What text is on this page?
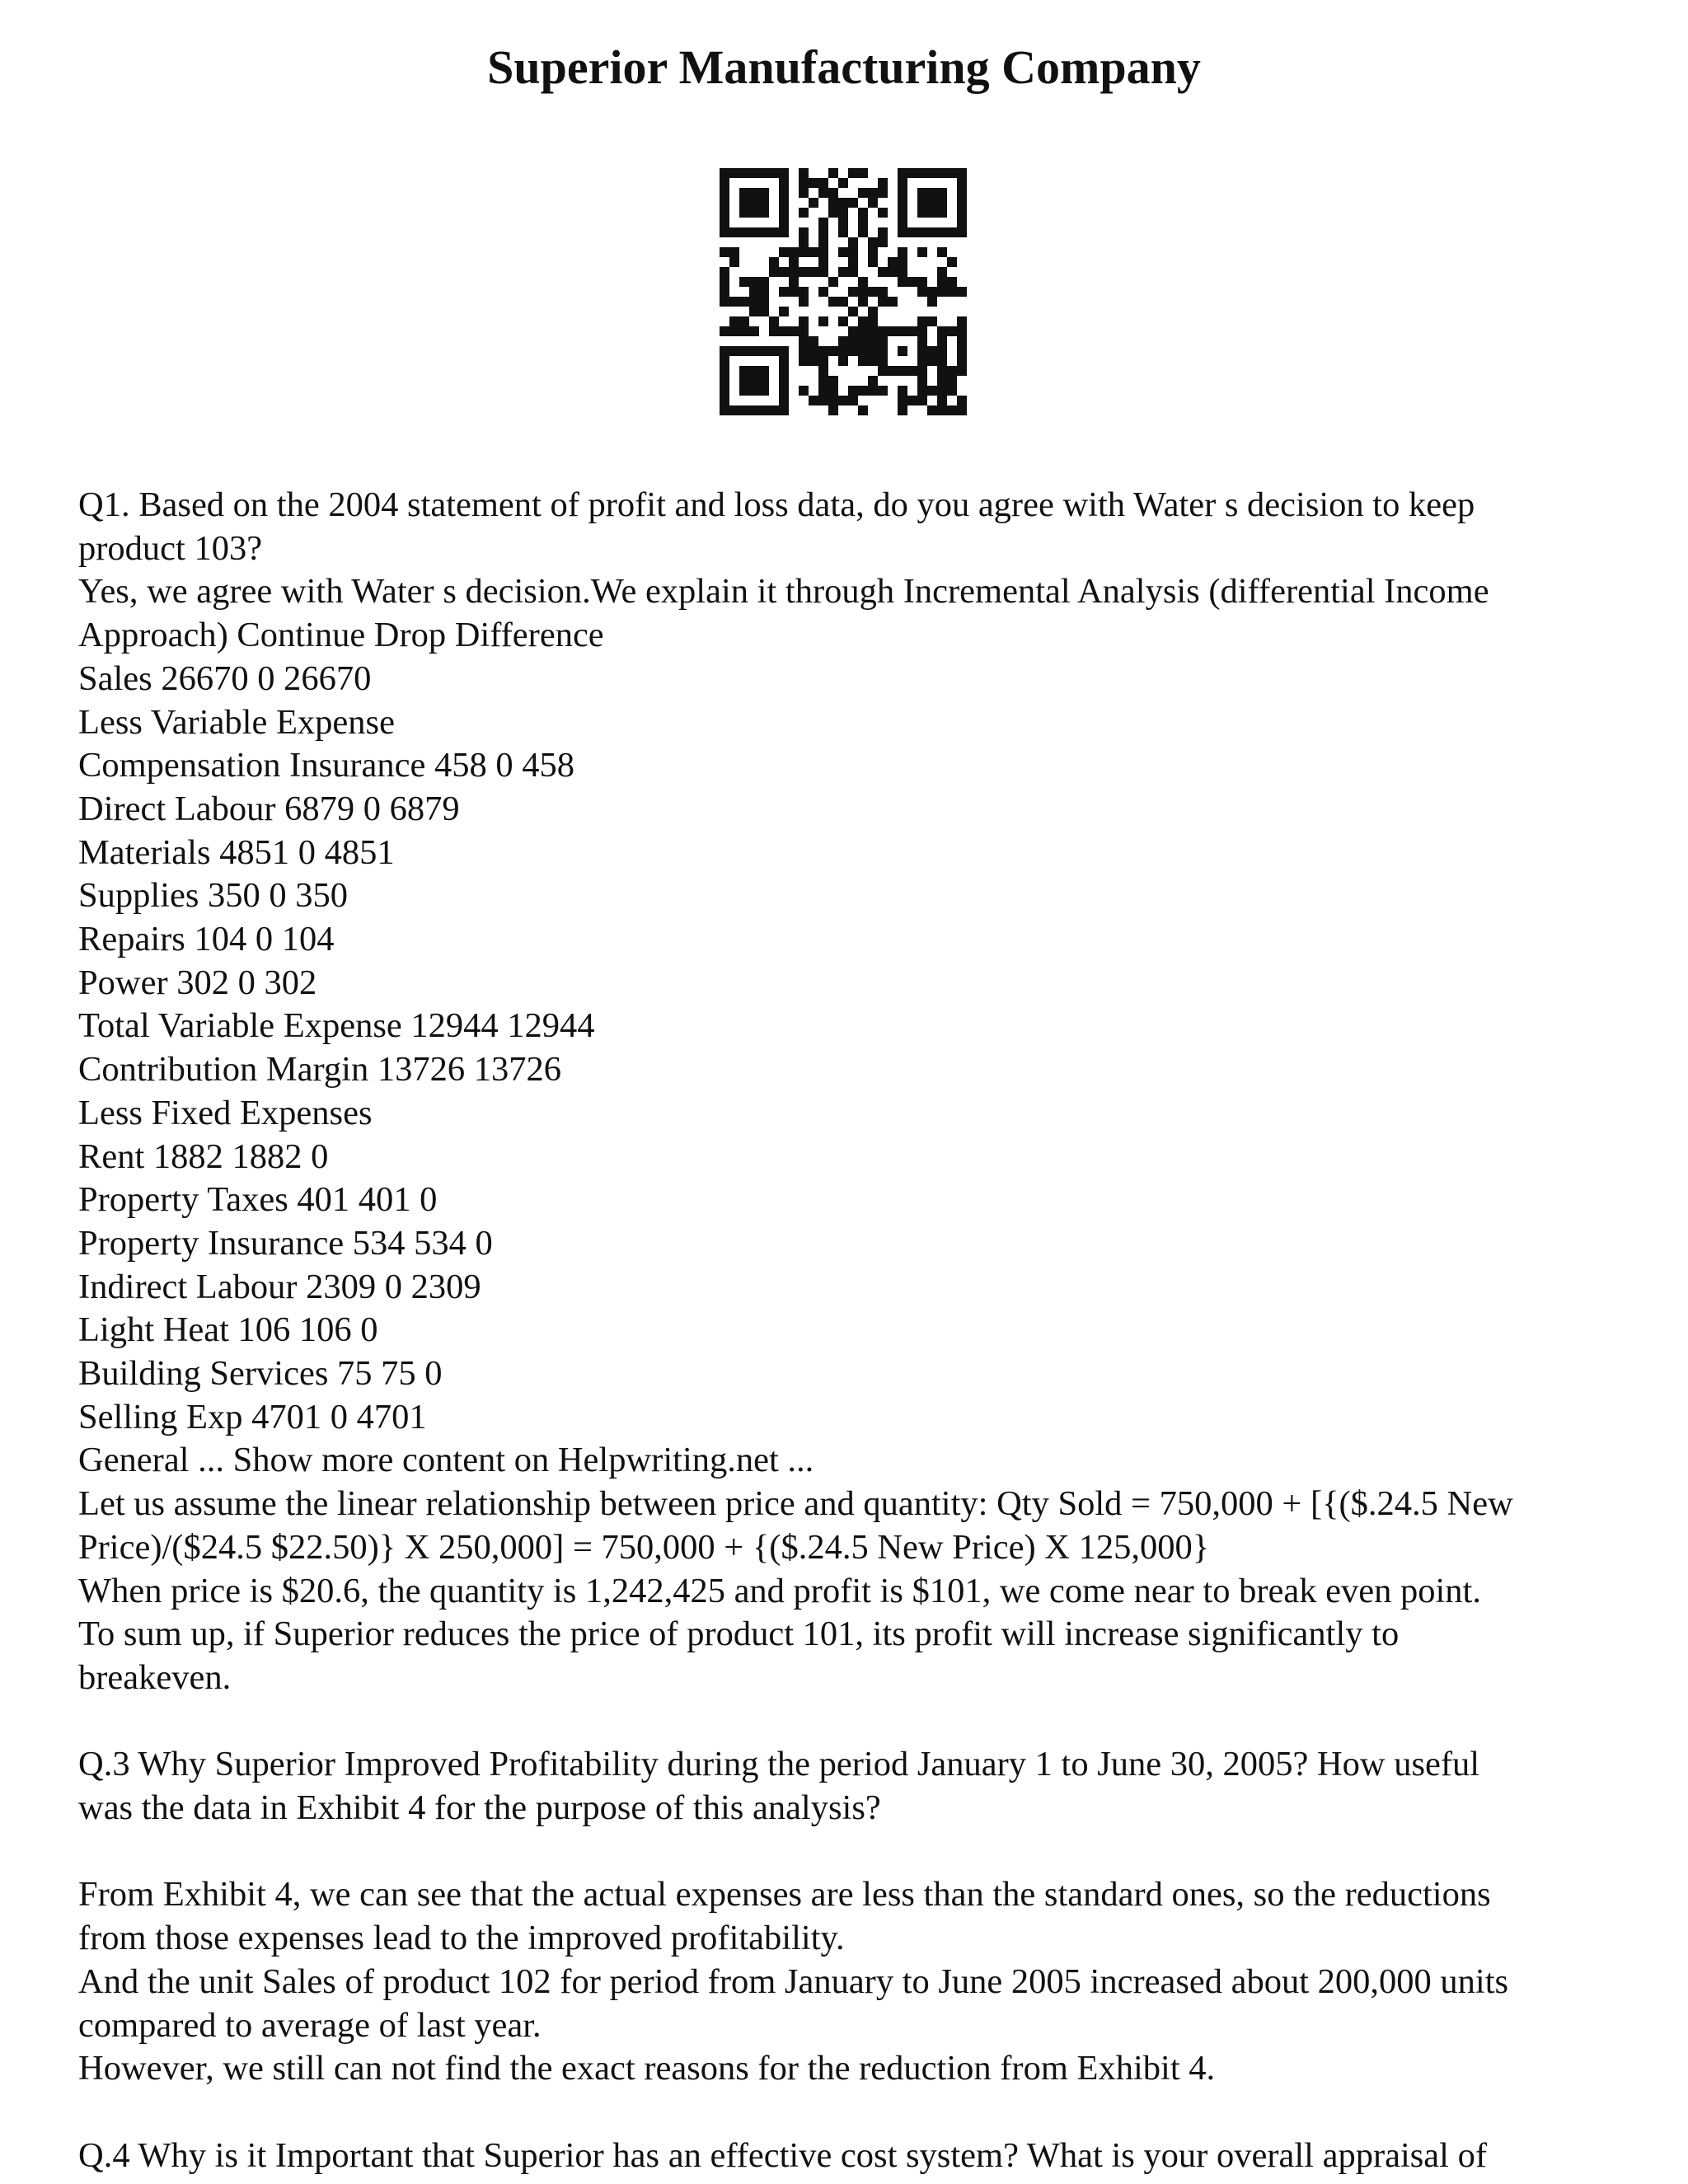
Superior Manufacturing Company
Q1. Based on the 2004 statement of profit and loss data, do you agree with Water s decision to keep
product 103?
Yes, we agree with Water s decision.We explain it through Incremental Analysis (differential Income
Approach) Continue Drop Difference
Sales 26670 0 26670
Less Variable Expense
Compensation Insurance 458 0 458
Direct Labour 6879 0 6879
Materials 4851 0 4851
Supplies 350 0 350
Repairs 104 0 104
Power 302 0 302
Total Variable Expense 12944 12944
Contribution Margin 13726 13726
Less Fixed Expenses
Rent 1882 1882 0
Property Taxes 401 401 0
Property Insurance 534 534 0
Indirect Labour 2309 0 2309
Light Heat 106 106 0
Building Services 75 75 0
Selling Exp 4701 0 4701
General ... Show more content on Helpwriting.net ...
Let us assume the linear relationship between price and quantity: Qty Sold = 750,000 + [{($.24.5 New
Price)/($24.5 $22.50)} X 250,000] = 750,000 + {($.24.5 New Price) X 125,000}
When price is $20.6, the quantity is 1,242,425 and profit is $101, we come near to break even point.
To sum up, if Superior reduces the price of product 101, its profit will increase significantly to
breakeven.
Q.3 Why Superior Improved Profitability during the period January 1 to June 30, 2005? How useful
was the data in Exhibit 4 for the purpose of this analysis?
From Exhibit 4, we can see that the actual expenses are less than the standard ones, so the reductions
from those expenses lead to the improved profitability.
And the unit Sales of product 102 for period from January to June 2005 increased about 200,000 units
compared to average of last year.
However, we still can not find the exact reasons for the reduction from Exhibit 4.
Q.4 Why is it Important that Superior has an effective cost system? What is your overall appraisal of
